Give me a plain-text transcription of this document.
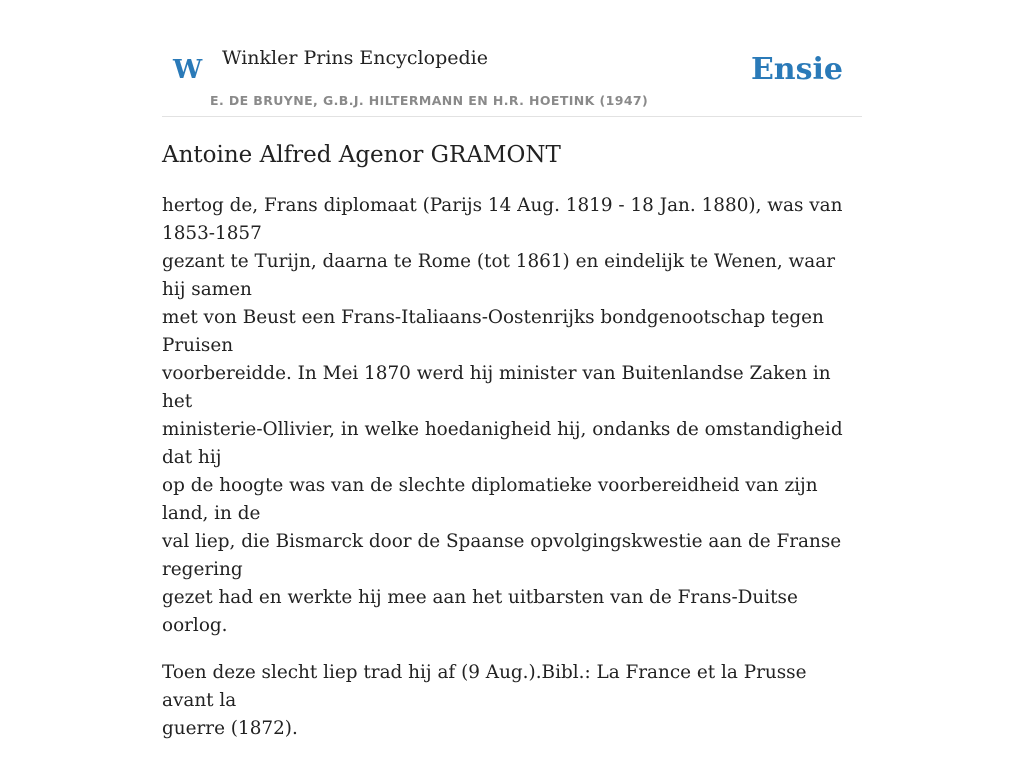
W Winkler Prins Encyclopedie
E. DE BRUYNE, G.B.J. HILTERMANN EN H.R. HOETINK (1947)
Ensie
Antoine Alfred Agenor GRAMONT

hertog de, Frans diplomaat (Parijs 14 Aug. 1819 - 18 Jan. 1880), was van 1853-1857
gezant te Turijn, daarna te Rome (tot 1861) en eindelijk te Wenen, waar hij samen
met von Beust een Frans-Italiaans-Oostenrijks bondgenootschap tegen Pruisen
voorbereidde. In Mei 1870 werd hij minister van Buitenlandse Zaken in het
ministerie-Ollivier, in welke hoedanigheid hij, ondanks de omstandigheid dat hij
op de hoogte was van de slechte diplomatieke voorbereidheid van zijn land, in de
val liep, die Bismarck door de Spaanse opvolgingskwestie aan de Franse regering
gezet had en werkte hij mee aan het uitbarsten van de Frans-Duitse oorlog.

Toen deze slecht liep trad hij af (9 Aug.).Bibl.: La France et la Prusse avant la
guerre (1872).
